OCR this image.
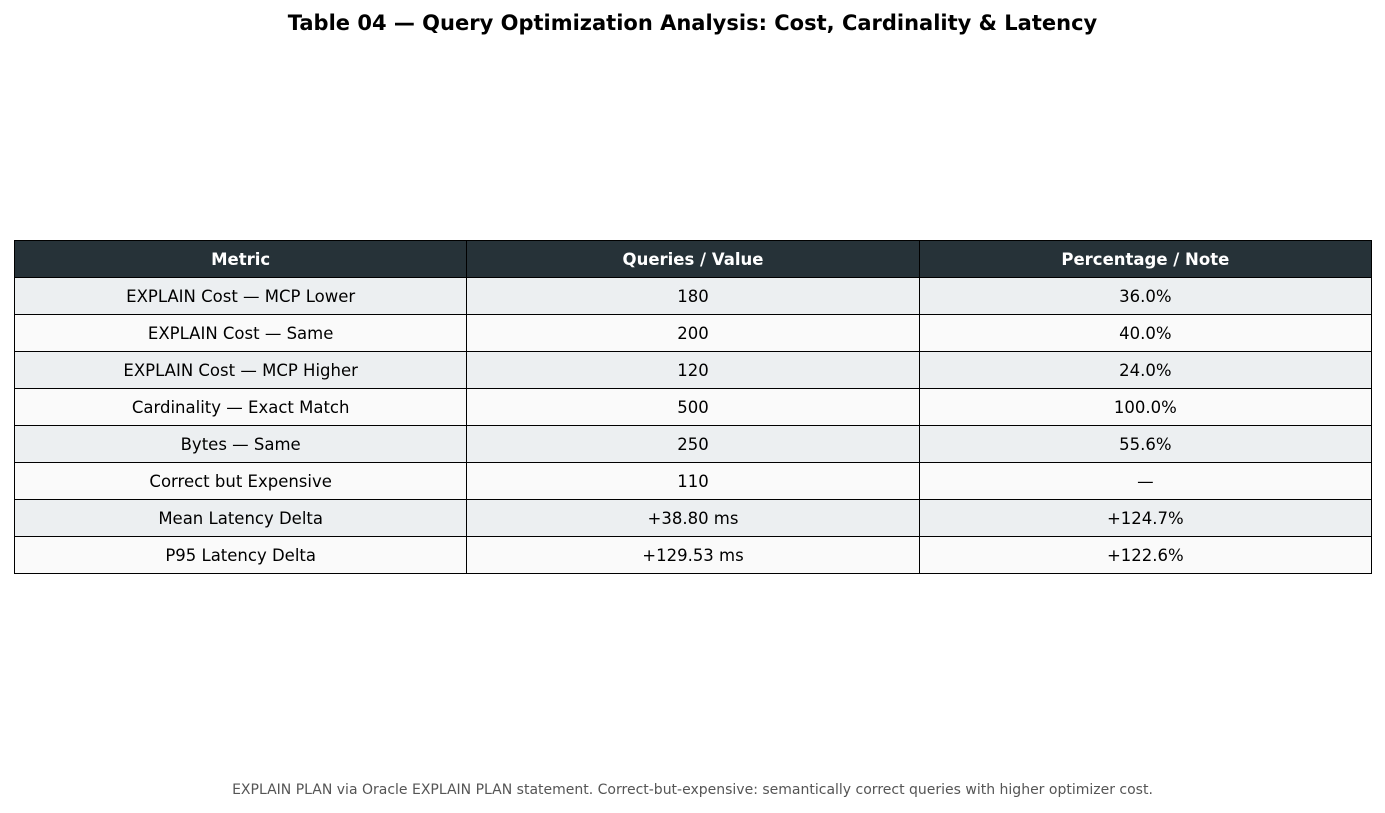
Table 04 — Query Optimization Analysis: Cost, Cardinality & Latency
Metric	Queries / Value	Percentage / Note
EXPLAIN Cost — MCP Lower	180	36.0%
EXPLAIN Cost — Same	200	40.0%
EXPLAIN Cost — MCP Higher	120	24.0%
Cardinality — Exact Match	500	100.0%
Bytes — Same	250	55.6%
Correct but Expensive	110	—
Mean Latency Delta	+38.80 ms	+124.7%
P95 Latency Delta	+129.53 ms	+122.6%
EXPLAIN PLAN via Oracle EXPLAIN PLAN statement. Correct-but-expensive: semantically correct queries with higher optimizer cost.
